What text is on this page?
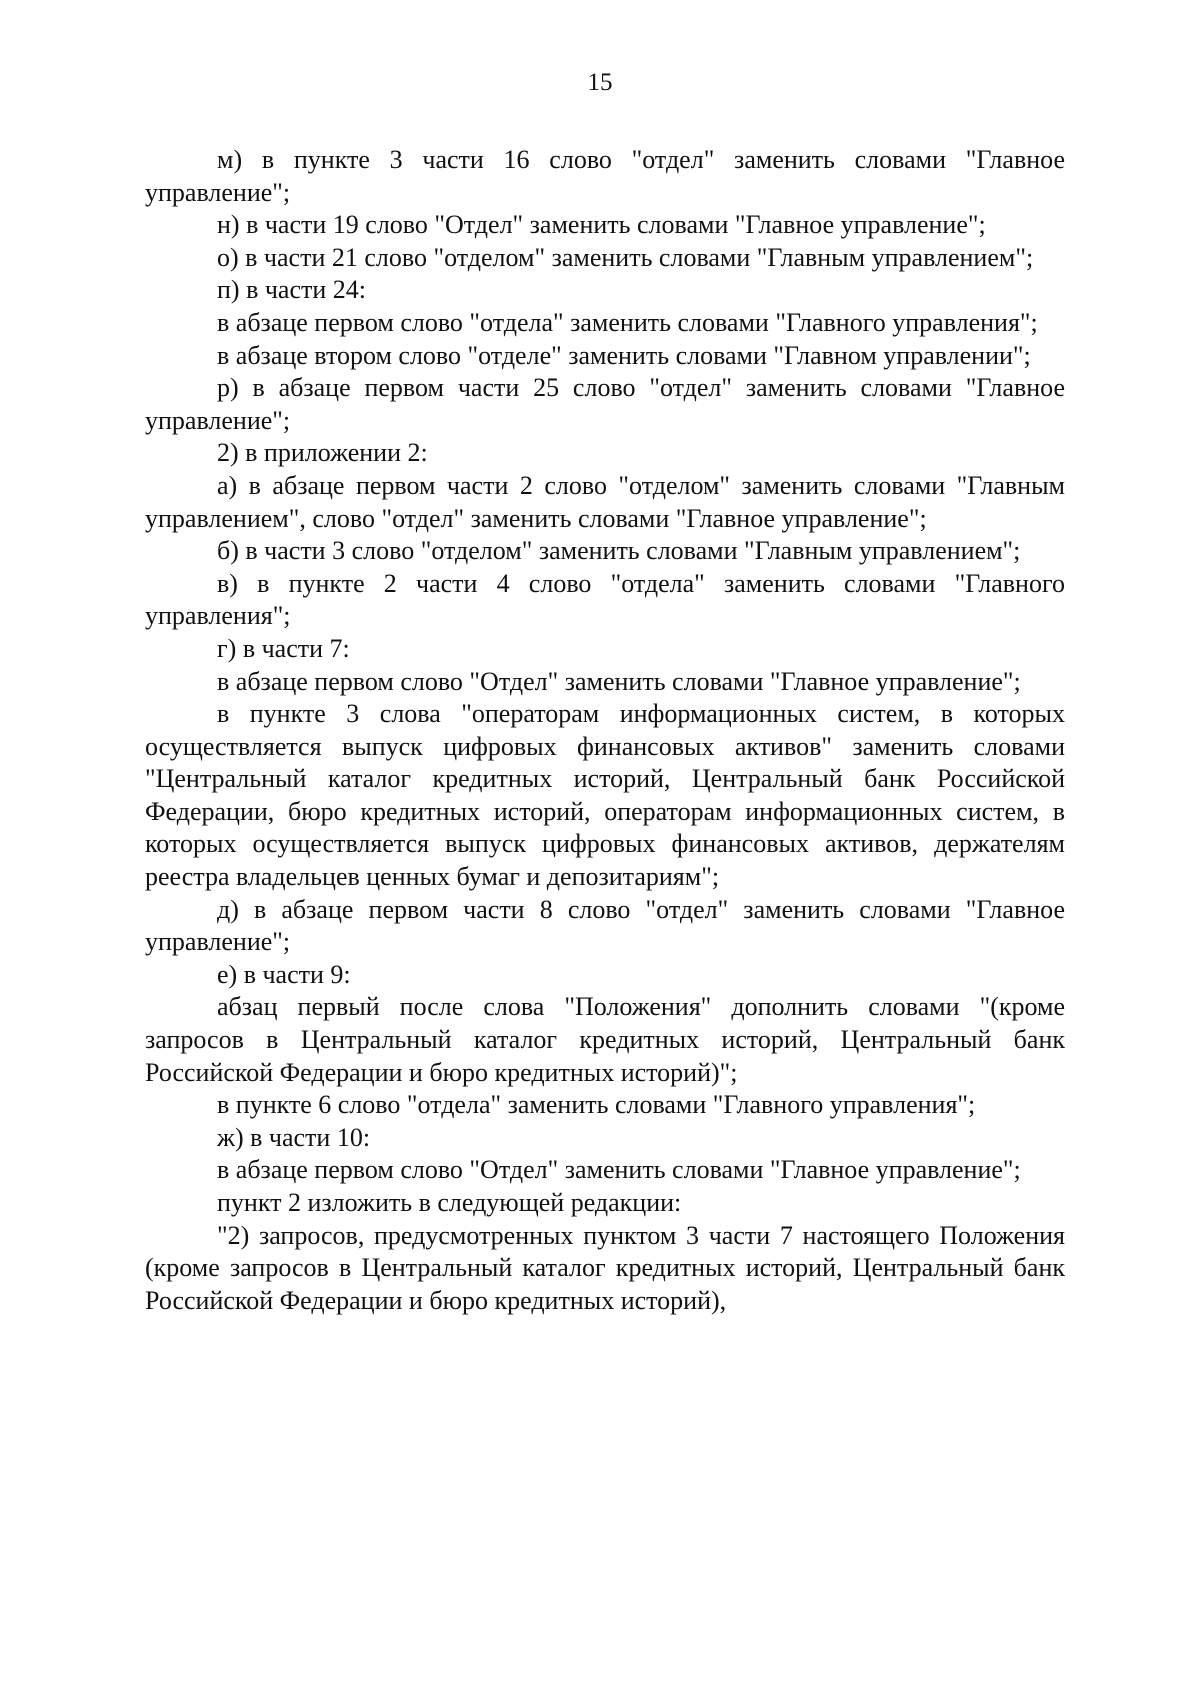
15

м) в пункте 3 части 16 слово "отдел" заменить словами "Главное управление";

н) в части 19 слово "Отдел" заменить словами "Главное управление";

о) в части 21 слово "отделом" заменить словами "Главным управлением";

п) в части 24:

в абзаце первом слово "отдела" заменить словами "Главного управления";

в абзаце втором слово "отделе" заменить словами "Главном управлении";

р) в абзаце первом части 25 слово "отдел" заменить словами "Главное управление";

2) в приложении 2:

а) в абзаце первом части 2 слово "отделом" заменить словами "Главным управлением", слово "отдел" заменить словами "Главное управление";

б) в части 3 слово "отделом" заменить словами "Главным управлением";

в) в пункте 2 части 4 слово "отдела" заменить словами "Главного управления";

г) в части 7:

в абзаце первом слово "Отдел" заменить словами "Главное управление";

в пункте 3 слова "операторам информационных систем, в которых осуществляется выпуск цифровых финансовых активов" заменить словами "Центральный каталог кредитных историй, Центральный банк Российской Федерации, бюро кредитных историй, операторам информационных систем, в которых осуществляется выпуск цифровых финансовых активов, держателям реестра владельцев ценных бумаг и депозитариям";

д) в абзаце первом части 8 слово "отдел" заменить словами "Главное управление";

е) в части 9:

абзац первый после слова "Положения" дополнить словами "(кроме запросов в Центральный каталог кредитных историй, Центральный банк Российской Федерации и бюро кредитных историй)";

в пункте 6 слово "отдела" заменить словами "Главного управления";

ж) в части 10:

в абзаце первом слово "Отдел" заменить словами "Главное управление";

пункт 2 изложить в следующей редакции:

"2) запросов, предусмотренных пунктом 3 части 7 настоящего Положения (кроме запросов в Центральный каталог кредитных историй, Центральный банк Российской Федерации и бюро кредитных историй),
